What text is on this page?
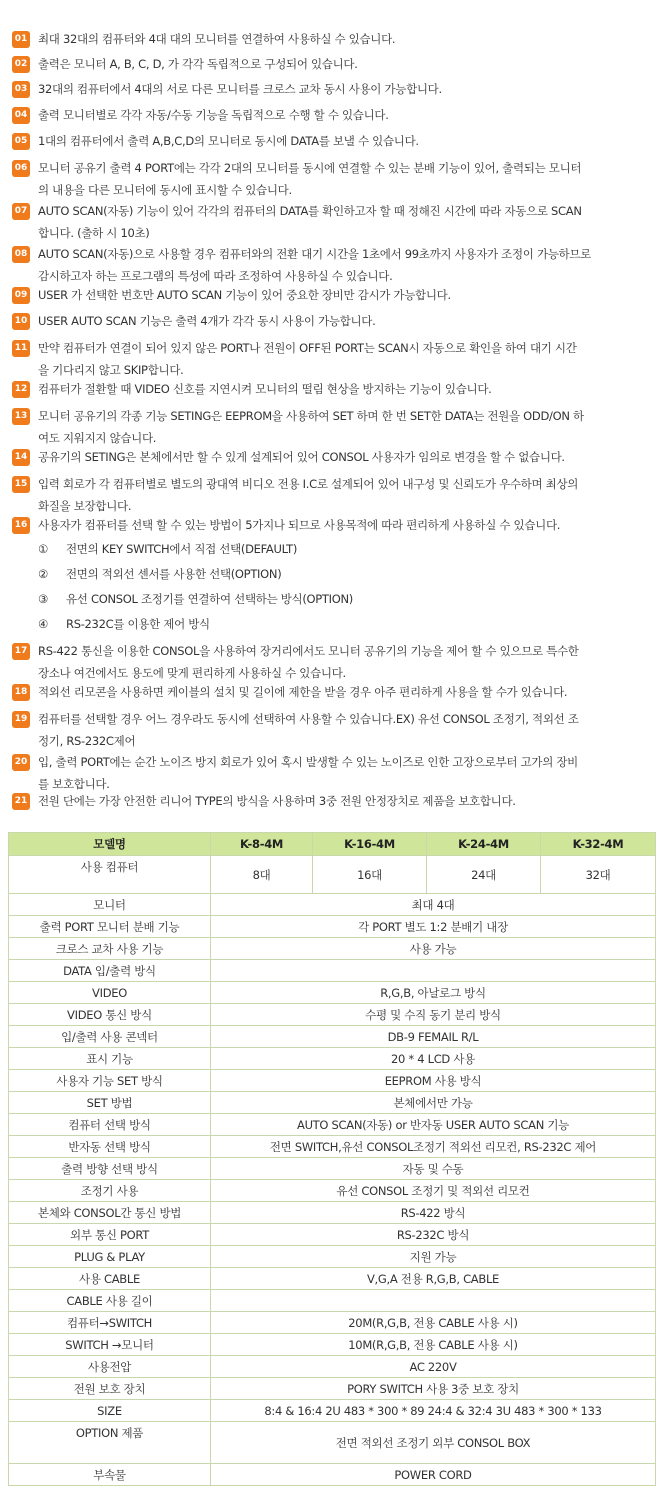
01 최대 32대의 컴퓨터와 4대 대의 모니터를 연결하여 사용하실 수 있습니다.
02 출력은 모니터 A, B, C, D, 가 각각 독립적으로 구성되어 있습니다.
03 32대의 컴퓨터에서 4대의 서로 다른 모니터를 크로스 교차 동시 사용이 가능합니다.
04 출력 모니터별로 각각 자동/수동 기능을 독립적으로 수행 할 수 있습니다.
05 1대의 컴퓨터에서 출력 A,B,C,D의 모니터로 동시에 DATA를 보낼 수 있습니다.
06 모니터 공유기 출력 4 PORT에는 각각 2대의 모니터를 동시에 연결할 수 있는 분배 기능이 있어, 출력되는 모니터
의 내용을 다른 모니터에 동시에 표시할 수 있습니다.
07 AUTO SCAN(자동) 기능이 있어 각각의 컴퓨터의 DATA를 확인하고자 할 때 정해진 시간에 따라 자동으로 SCAN
합니다. (출하 시 10초)
08 AUTO SCAN(자동)으로 사용할 경우 컴퓨터와의 전환 대기 시간을 1초에서 99초까지 사용자가 조정이 가능하므로
감시하고자 하는 프로그램의 특성에 따라 조정하여 사용하실 수 있습니다.
09 USER 가 선택한 번호만 AUTO SCAN 기능이 있어 중요한 장비만 감시가 가능합니다.
10 USER AUTO SCAN 기능은 출력 4개가 각각 동시 사용이 가능합니다.
11 만약 컴퓨터가 연결이 되어 있지 않은 PORT나 전원이 OFF된 PORT는 SCAN시 자동으로 확인을 하여 대기 시간
을 기다리지 않고 SKIP합니다.
12 컴퓨터가 절환할 때 VIDEO 신호를 지연시켜 모니터의 떨림 현상을 방지하는 기능이 있습니다.
13 모니터 공유기의 각종 기능 SETING은 EEPROM을 사용하여 SET 하며 한 번 SET한 DATA는 전원을 ODD/ON 하
여도 지워지지 않습니다.
14 공유기의 SETING은 본체에서만 할 수 있게 설계되어 있어 CONSOL 사용자가 임의로 변경을 할 수 없습니다.
15 입력 회로가 각 컴퓨터별로 별도의 광대역 비디오 전용 I.C로 설계되어 있어 내구성 및 신뢰도가 우수하며 최상의
화질을 보장합니다.
16 사용자가 컴퓨터를 선택 할 수 있는 방법이 5가지나 되므로 사용목적에 따라 편리하게 사용하실 수 있습니다.
17 RS-422 통신을 이용한 CONSOL을 사용하여 장거리에서도 모니터 공유기의 기능을 제어 할 수 있으므로 특수한
장소나 여건에서도 용도에 맞게 편리하게 사용하실 수 있습니다.
18 적외선 리모콘을 사용하면 케이블의 설치 및 길이에 제한을 받을 경우 아주 편리하게 사용을 할 수가 있습니다.
19 컴퓨터를 선택할 경우 어느 경우라도 동시에 선택하여 사용할 수 있습니다.EX) 유선 CONSOL 조정기, 적외선 조
정기, RS-232C제어
20 입, 출력 PORT에는 순간 노이즈 방지 회로가 있어 혹시 발생할 수 있는 노이즈로 인한 고장으로부터 고가의 장비
를 보호합니다.
21 전원 단에는 가장 안전한 리니어 TYPE의 방식을 사용하며 3중 전원 안정장치로 제품을 보호합니다.
①	전면의 KEY SWITCH에서 직접 선택(DEFAULT)
②	전면의 적외선 센서를 사용한 선택(OPTION)
③	유선 CONSOL 조정기를 연결하여 선택하는 방식(OPTION)
④	RS-232C를 이용한 제어 방식
모델명	K-8-4M	K-16-4M	K-24-4M	K-32-4M
사용 컴퓨터	8대	16대	24대	32대
모니터	최대 4대			
출력 PORT 모니터 분배 기능	각 PORT 별도 1:2 분배기 내장			
크로스 교차 사용 기능	사용 가능			
DATA 입/출력 방식				
VIDEO	R,G,B, 아날로그 방식			
VIDEO 통신 방식	수평 및 수직 동기 분리 방식			
입/출력 사용 콘넥터	DB-9 FEMAIL R/L			
표시 기능	20 * 4 LCD 사용			
사용자 기능 SET 방식	EEPROM 사용 방식			
SET 방법	본체에서만 가능			
컴퓨터 선택 방식	AUTO SCAN(자동) or 반자동 USER AUTO SCAN 기능			
반자동 선택 방식	전면 SWITCH,유선 CONSOL조정기 적외선 리모컨, RS-232C 제어			
출력 방향 선택 방식	자동 및 수동			
조정기 사용	유선 CONSOL 조정기 및 적외선 리모컨			
본체와 CONSOL간 통신 방법	RS-422 방식			
외부 통신 PORT	RS-232C 방식			
PLUG & PLAY	지원 가능			
사용 CABLE	V,G,A 전용 R,G,B, CABLE			
CABLE 사용 길이				
컴퓨터→SWITCH	20M(R,G,B, 전용 CABLE 사용 시)			
SWITCH →모니터	10M(R,G,B, 전용 CABLE 사용 시)			
사용전압	AC 220V			
전원 보호 장치	PORY SWITCH 사용 3중 보호 장치			
SIZE	8:4 & 16:4 2U 483 * 300 * 89 24:4 & 32:4 3U 483 * 300 * 133			
OPTION 제품	전면 적외선 조정기 외부 CONSOL BOX			
부속물	POWER CORD			
